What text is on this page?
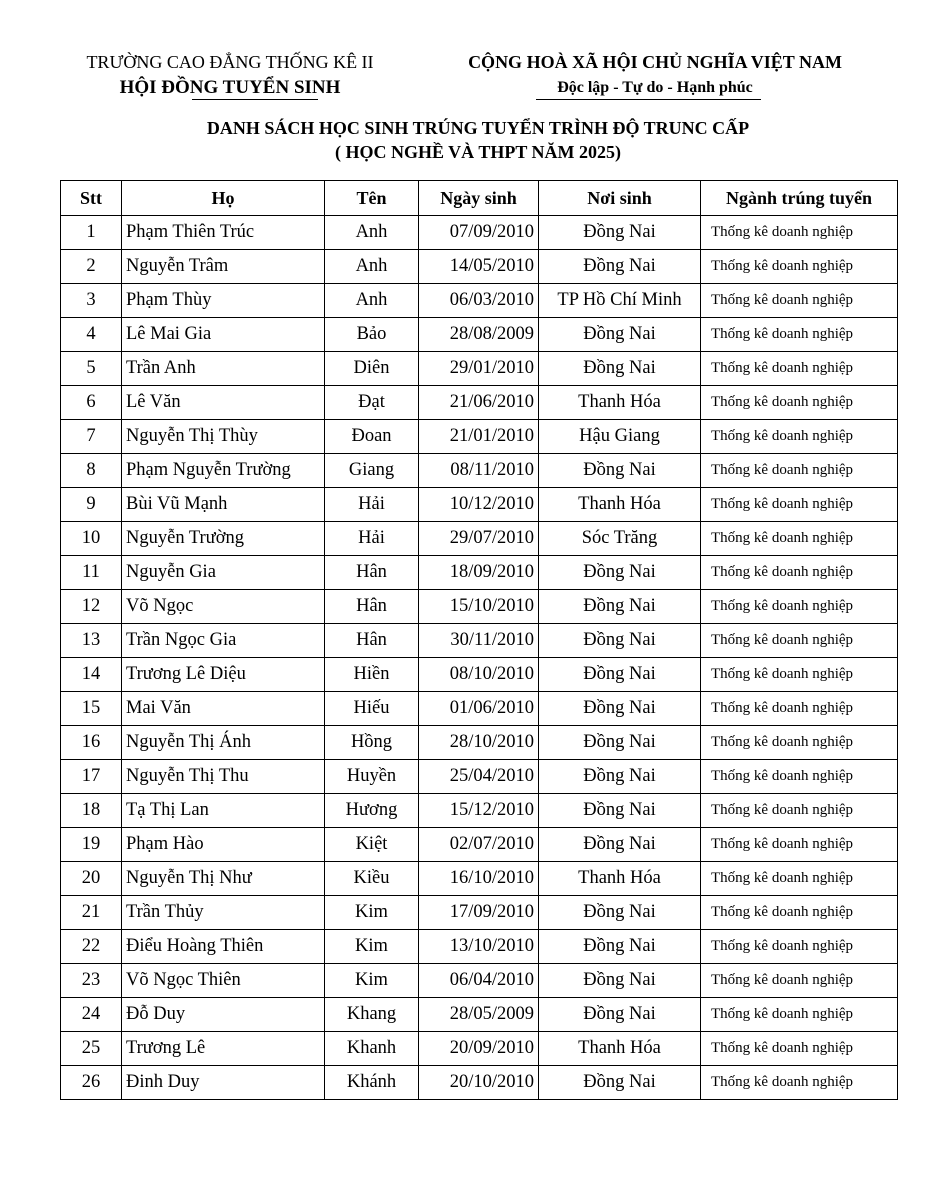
TRƯỜNG CAO ĐẲNG THỐNG KÊ II
HỘI ĐỒNG TUYỂN SINH
CỘNG HOÀ XÃ HỘI CHỦ NGHĨA VIỆT NAM
Độc lập - Tự do - Hạnh phúc
DANH SÁCH HỌC SINH TRÚNG TUYỂN TRÌNH ĐỘ TRUNC CẤP
( HỌC NGHỀ VÀ THPT NĂM 2025)
Stt	Họ	Tên	Ngày sinh	Nơi sinh	Ngành trúng tuyển
1	Phạm Thiên Trúc	Anh	07/09/2010	Đồng Nai	Thống kê doanh nghiệp
2	Nguyễn Trâm	Anh	14/05/2010	Đồng Nai	Thống kê doanh nghiệp
3	Phạm Thùy	Anh	06/03/2010	TP Hồ Chí Minh	Thống kê doanh nghiệp
4	Lê Mai Gia	Bảo	28/08/2009	Đồng Nai	Thống kê doanh nghiệp
5	Trần Anh	Diên	29/01/2010	Đồng Nai	Thống kê doanh nghiệp
6	Lê Văn	Đạt	21/06/2010	Thanh Hóa	Thống kê doanh nghiệp
7	Nguyễn Thị Thùy	Đoan	21/01/2010	Hậu Giang	Thống kê doanh nghiệp
8	Phạm Nguyễn Trường	Giang	08/11/2010	Đồng Nai	Thống kê doanh nghiệp
9	Bùi Vũ Mạnh	Hải	10/12/2010	Thanh Hóa	Thống kê doanh nghiệp
10	Nguyễn Trường	Hải	29/07/2010	Sóc Trăng	Thống kê doanh nghiệp
11	Nguyễn Gia	Hân	18/09/2010	Đồng Nai	Thống kê doanh nghiệp
12	Võ Ngọc	Hân	15/10/2010	Đồng Nai	Thống kê doanh nghiệp
13	Trần Ngọc Gia	Hân	30/11/2010	Đồng Nai	Thống kê doanh nghiệp
14	Trương Lê Diệu	Hiền	08/10/2010	Đồng Nai	Thống kê doanh nghiệp
15	Mai Văn	Hiếu	01/06/2010	Đồng Nai	Thống kê doanh nghiệp
16	Nguyễn Thị Ánh	Hồng	28/10/2010	Đồng Nai	Thống kê doanh nghiệp
17	Nguyễn Thị Thu	Huyền	25/04/2010	Đồng Nai	Thống kê doanh nghiệp
18	Tạ Thị Lan	Hương	15/12/2010	Đồng Nai	Thống kê doanh nghiệp
19	Phạm Hào	Kiệt	02/07/2010	Đồng Nai	Thống kê doanh nghiệp
20	Nguyễn Thị Như	Kiều	16/10/2010	Thanh Hóa	Thống kê doanh nghiệp
21	Trần Thủy	Kim	17/09/2010	Đồng Nai	Thống kê doanh nghiệp
22	Điểu Hoàng Thiên	Kim	13/10/2010	Đồng Nai	Thống kê doanh nghiệp
23	Võ Ngọc Thiên	Kim	06/04/2010	Đồng Nai	Thống kê doanh nghiệp
24	Đỗ Duy	Khang	28/05/2009	Đồng Nai	Thống kê doanh nghiệp
25	Trương Lê	Khanh	20/09/2010	Thanh Hóa	Thống kê doanh nghiệp
26	Đinh Duy	Khánh	20/10/2010	Đồng Nai	Thống kê doanh nghiệp
